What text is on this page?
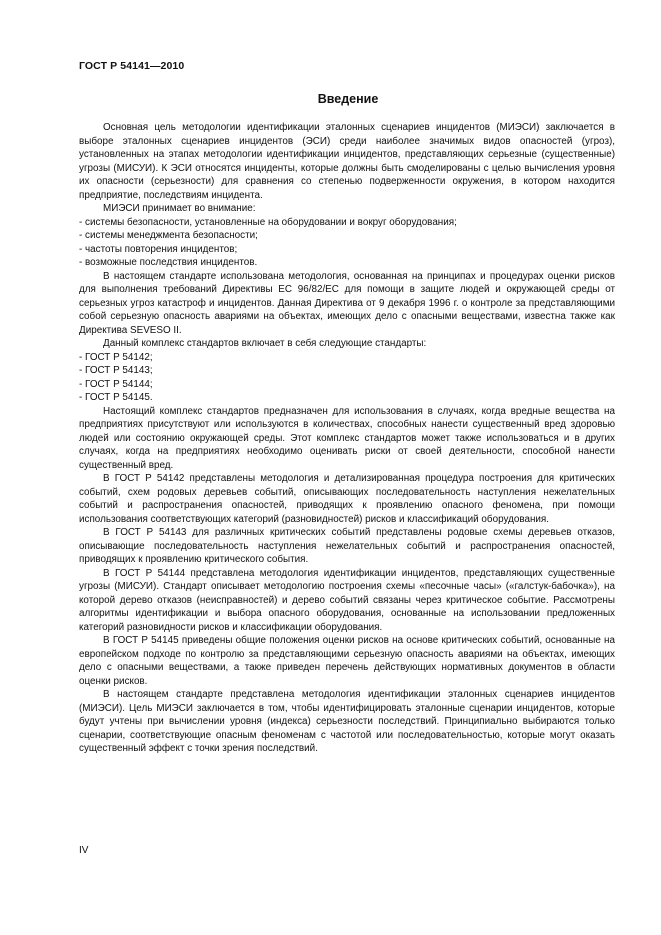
ГОСТ Р 54141—2010
Введение

Основная цель методологии идентификации эталонных сценариев инцидентов (МИЭСИ) заключается в выборе эталонных сценариев инцидентов (ЭСИ) среди наиболее значимых видов опасностей (угроз), установленных на этапах методологии идентификации инцидентов, представляющих серьезные (существенные) угрозы (МИСУИ). К ЭСИ относятся инциденты, которые должны быть смоделированы с целью вычисления уровня их опасности (серьезности) для сравнения со степенью подверженности окружения, в котором находится предприятие, последствиям инцидента.

МИЭСИ принимает во внимание:

- системы безопасности, установленные на оборудовании и вокруг оборудования;

- системы менеджмента безопасности;

- частоты повторения инцидентов;

- возможные последствия инцидентов.

В настоящем стандарте использована методология, основанная на принципах и процедурах оценки рисков для выполнения требований Директивы ЕС 96/82/ЕС для помощи в защите людей и окружающей среды от серьезных угроз катастроф и инцидентов. Данная Директива от 9 декабря 1996 г. о контроле за представляющими собой серьезную опасность авариями на объектах, имеющих дело с опасными веществами, известна также как Директива SEVESO II.

Данный комплекс стандартов включает в себя следующие стандарты:

- ГОСТ Р 54142;

- ГОСТ Р 54143;

- ГОСТ Р 54144;

- ГОСТ Р 54145.

Настоящий комплекс стандартов предназначен для использования в случаях, когда вредные вещества на предприятиях присутствуют или используются в количествах, способных нанести существенный вред здоровью людей или состоянию окружающей среды. Этот комплекс стандартов может также использоваться и в других случаях, когда на предприятиях необходимо оценивать риски от своей деятельности, способной нанести существенный вред.

В ГОСТ Р 54142 представлены методология и детализированная процедура построения для критических событий, схем родовых деревьев событий, описывающих последовательность наступления нежелательных событий и распространения опасностей, приводящих к проявлению опасного феномена, при помощи использования соответствующих категорий (разновидностей) рисков и классификаций оборудования.

В ГОСТ Р 54143 для различных критических событий представлены родовые схемы деревьев отказов, описывающие последовательность наступления нежелательных событий и распространения опасностей, приводящих к проявлению критического события.

В ГОСТ Р 54144 представлена методология идентификации инцидентов, представляющих существенные угрозы (МИСУИ). Стандарт описывает методологию построения схемы «песочные часы» («галстук-бабочка»), на которой дерево отказов (неисправностей) и дерево событий связаны через критическое событие. Рассмотрены алгоритмы идентификации и выбора опасного оборудования, основанные на использовании предложенных категорий разновидности рисков и классификации оборудования.

В ГОСТ Р 54145 приведены общие положения оценки рисков на основе критических событий, основанные на европейском подходе по контролю за представляющими серьезную опасность авариями на объектах, имеющих дело с опасными веществами, а также приведен перечень действующих нормативных документов в области оценки рисков.

В настоящем стандарте представлена методология идентификации эталонных сценариев инцидентов (МИЭСИ). Цель МИЭСИ заключается в том, чтобы идентифицировать эталонные сценарии инцидентов, которые будут учтены при вычислении уровня (индекса) серьезности последствий. Принципиально выбираются только сценарии, соответствующие опасным феноменам с частотой или последовательностью, которые могут оказать существенный эффект с точки зрения последствий.

IV
